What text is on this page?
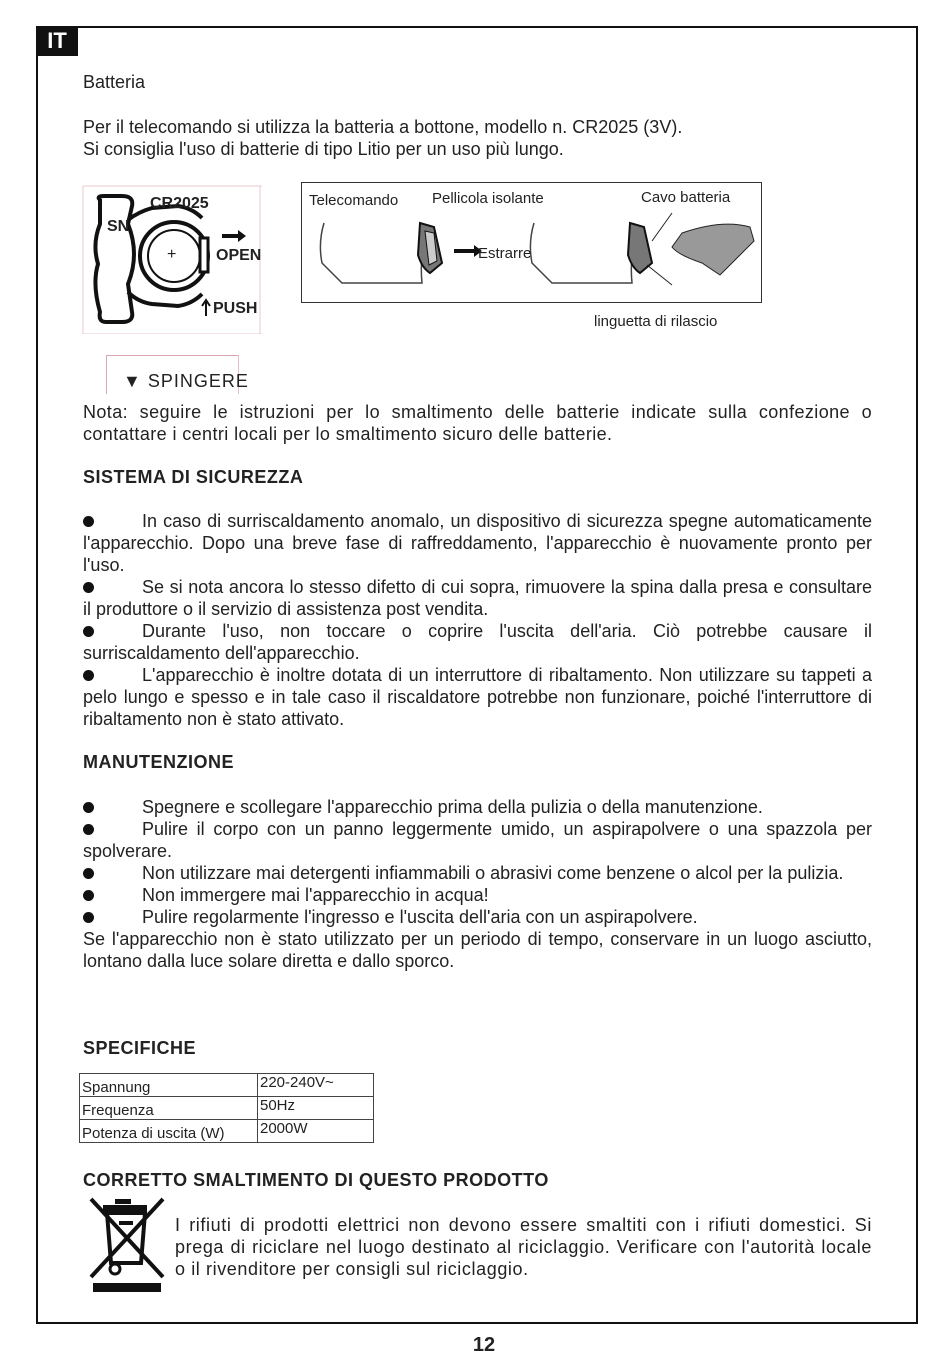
IT

Batteria

Per il telecomando si utilizza la batteria a bottone, modello n. CR2025 (3V).

Si consiglia l'uso di batterie di tipo Litio per un uso più lungo.

SN
CR2025
+ OPEN
PUSH
Telecomando Pellicola isolante	Cavo batteria
Estrarre
linguetta di rilascio
▼ SPINGERE

Nota: seguire le istruzioni per lo smaltimento delle batterie indicate sulla confezione o contattare i centri locali per lo smaltimento sicuro delle batterie.

SISTEMA DI SICUREZZA

In caso di surriscaldamento anomalo, un dispositivo di sicurezza spegne automaticamente l'apparecchio. Dopo una breve fase di raffreddamento, l'apparecchio è nuovamente pronto per l'uso.

Se si nota ancora lo stesso difetto di cui sopra, rimuovere la spina dalla presa e consultare il produttore o il servizio di assistenza post vendita.

Durante l'uso, non toccare o coprire l'uscita dell'aria. Ciò potrebbe causare il surriscaldamento dell'apparecchio.

L'apparecchio è inoltre dotata di un interruttore di ribaltamento. Non utilizzare su tappeti a pelo lungo e spesso e in tale caso il riscaldatore potrebbe non funzionare, poiché l'interruttore di ribaltamento non è stato attivato.

MANUTENZIONE

Spegnere e scollegare l'apparecchio prima della pulizia o della manutenzione.

Pulire il corpo con un panno leggermente umido, un aspirapolvere o una spazzola per spolverare.

Non utilizzare mai detergenti infiammabili o abrasivi come benzene o alcol per la pulizia.

Non immergere mai l'apparecchio in acqua!

Pulire regolarmente l'ingresso e l'uscita dell'aria con un aspirapolvere.

Se l'apparecchio non è stato utilizzato per un periodo di tempo, conservare in un luogo asciutto, lontano dalla luce solare diretta e dallo sporco.

SPECIFICHE

Spannung	220-240V~
Frequenza	50Hz
Potenza di uscita (W)	2000W

CORRETTO SMALTIMENTO DI QUESTO PRODOTTO

I rifiuti di prodotti elettrici non devono essere smaltiti con i rifiuti domestici. Si prega di riciclare nel luogo destinato al riciclaggio. Verificare con l'autorità locale o il rivenditore per consigli sul riciclaggio.

12
